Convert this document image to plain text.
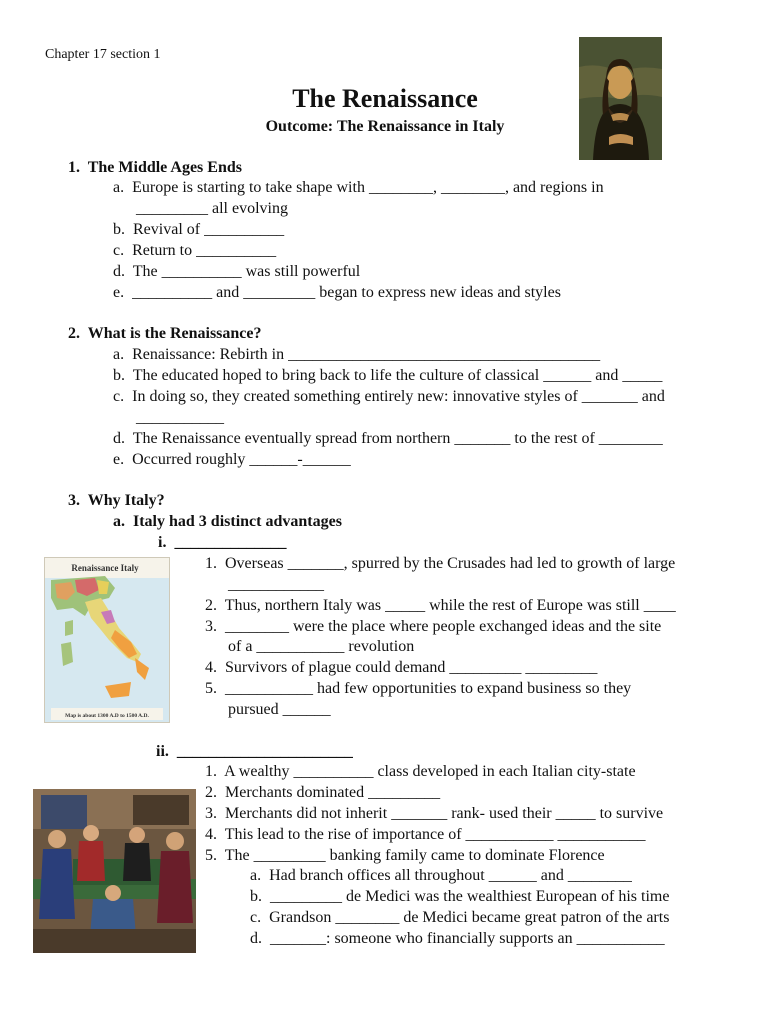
Chapter 17 section 1
The Renaissance
Outcome: The Renaissance in Italy
1. The Middle Ages Ends
a. Europe is starting to take shape with ________, ________, and regions in
_________ all evolving
b. Revival of __________
c. Return to __________
d. The __________ was still powerful
e. __________ and _________ began to express new ideas and styles
2. What is the Renaissance?
a. Renaissance: Rebirth in _______________________________________
b. The educated hoped to bring back to life the culture of classical ______ and _____
c. In doing so, they created something entirely new: innovative styles of _______ and
___________
d. The Renaissance eventually spread from northern _______ to the rest of ________
e. Occurred roughly ______-______
3. Why Italy?
a. Italy had 3 distinct advantages
i. ______________
Renaissance Italy
Map is about 1300 A.D to 1500 A.D.
1. Overseas _______, spurred by the Crusades had led to growth of large
____________
2. Thus, northern Italy was _____ while the rest of Europe was still ____
3. ________ were the place where people exchanged ideas and the site
of a ___________ revolution
4. Survivors of plague could demand _________ _________
5. ___________ had few opportunities to expand business so they
pursued ______
ii. ______________________
1. A wealthy __________ class developed in each Italian city-state
2. Merchants dominated _________
3. Merchants did not inherit _______ rank- used their _____ to survive
4. This lead to the rise of importance of ___________ ___________
5. The _________ banking family came to dominate Florence
a. Had branch offices all throughout ______ and ________
b. _________ de Medici was the wealthiest European of his time
c. Grandson ________ de Medici became great patron of the arts
d. _______: someone who financially supports an ___________
